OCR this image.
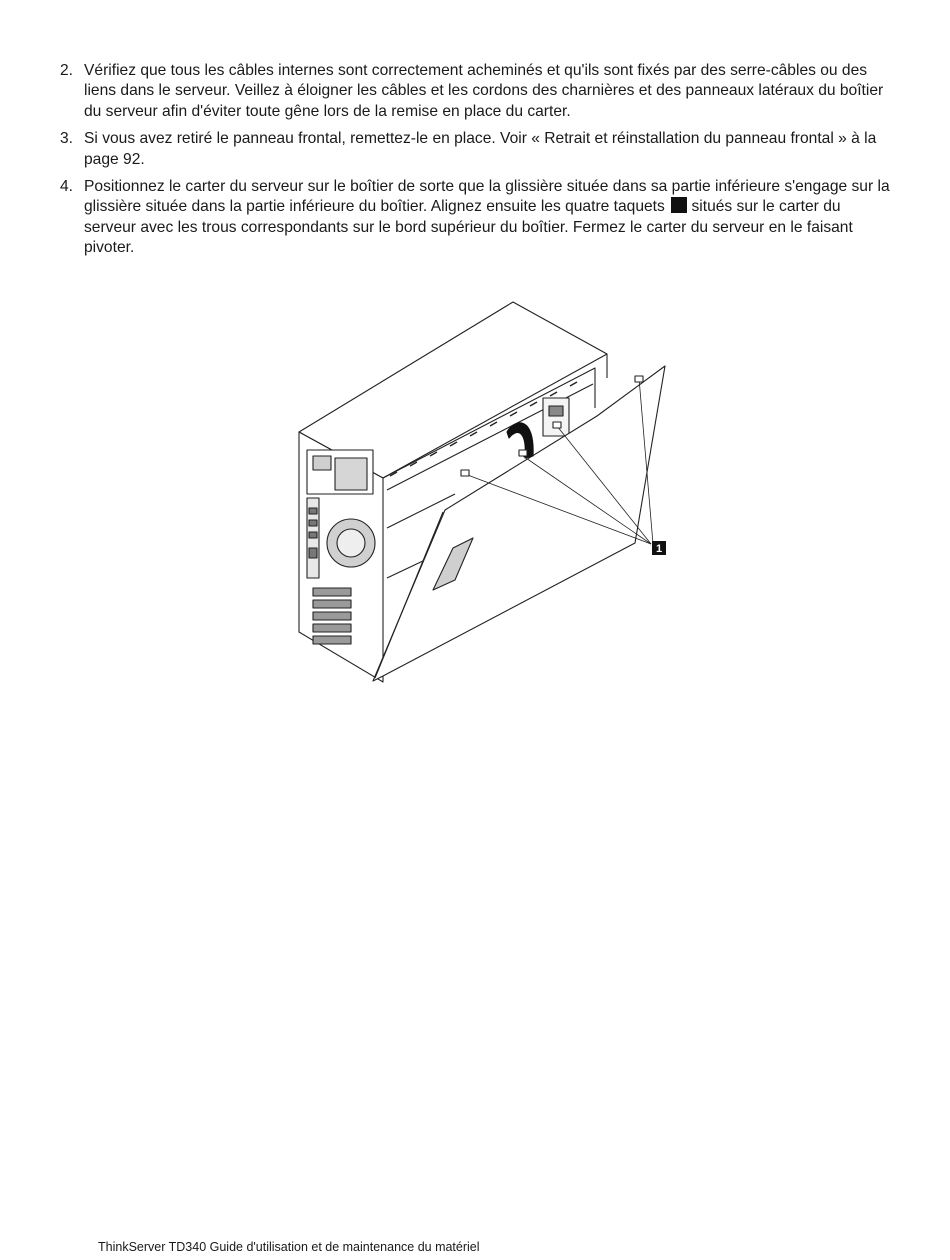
2. Vérifiez que tous les câbles internes sont correctement acheminés et qu'ils sont fixés par des serre-câbles ou des liens dans le serveur. Veillez à éloigner les câbles et les cordons des charnières et des panneaux latéraux du boîtier du serveur afin d'éviter toute gêne lors de la remise en place du carter.
3. Si vous avez retiré le panneau frontal, remettez-le en place. Voir « Retrait et réinstallation du panneau frontal » à la page 92.
4. Positionnez le carter du serveur sur le boîtier de sorte que la glissière située dans sa partie inférieure s'engage sur la glissière située dans la partie inférieure du boîtier. Alignez ensuite les quatre taquets situés sur le carter du serveur avec les trous correspondants sur le bord supérieur du boîtier. Fermez le carter du serveur en le faisant pivoter.
1
ThinkServer TD340 Guide d'utilisation et de maintenance du matériel
